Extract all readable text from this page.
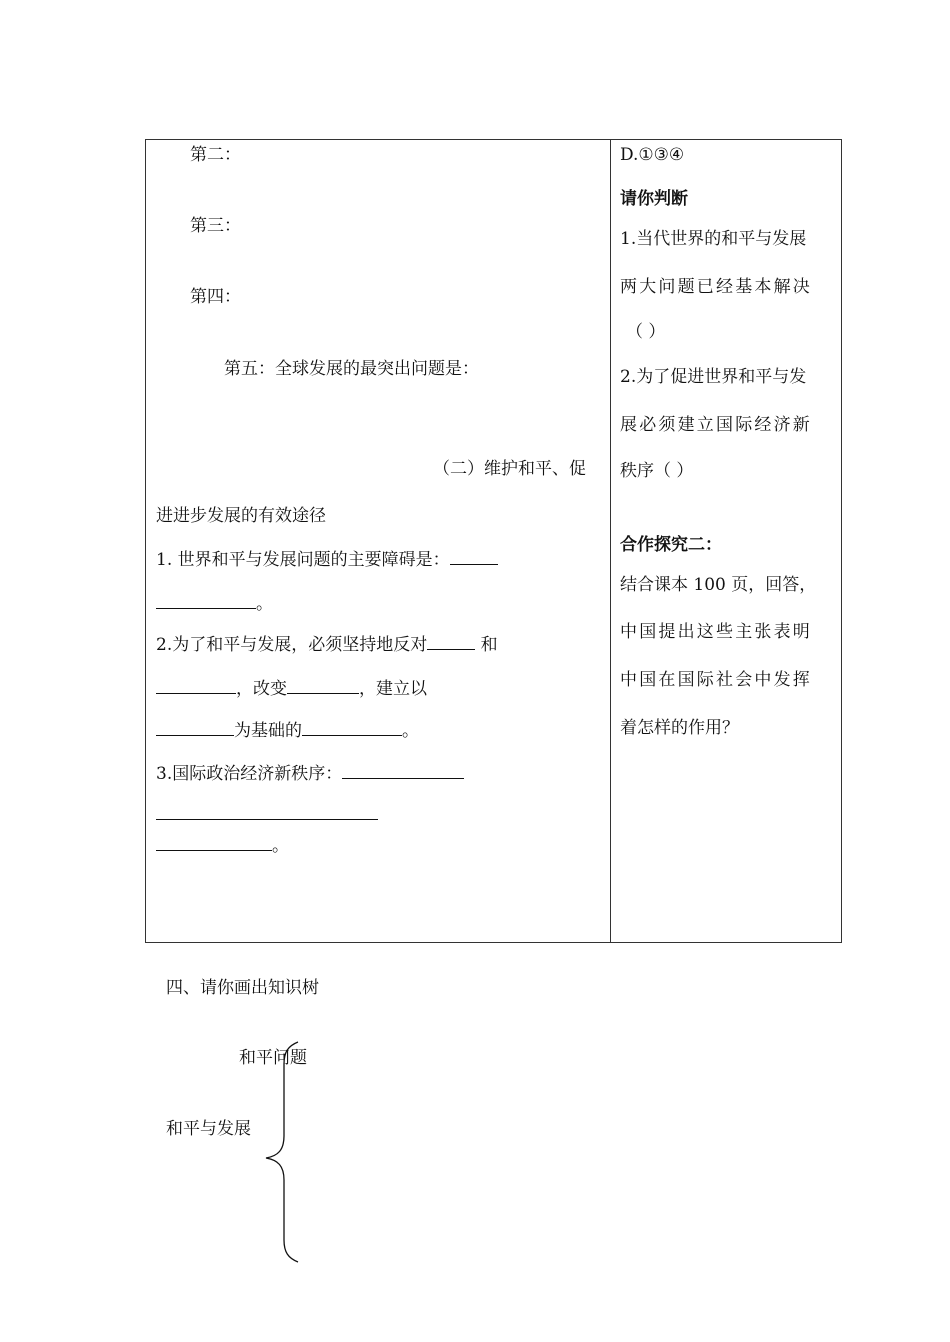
第二：
第三：
第四：
第五：全球发展的最突出问题是：
（二）维护和平、促
进进步发展的有效途径
1. 世界和平与发展问题的主要障碍是：
。
2.为了和平与发展，必须坚持地反对	和
，改变	，建立以
为基础的	。
3.国际政治经济新秩序：
。
D.①③④
请你判断
1.当代世界的和平与发展
两大问题已经基本解决
（ ）
2.为了促进世界和平与发
展必须建立国际经济新
秩序（ ）
合作探究二：
结合课本 100 页，回答，
中国提出这些主张表明
中国在国际社会中发挥
着怎样的作用？
四、请你画出知识树
和平问题
和平与发展
